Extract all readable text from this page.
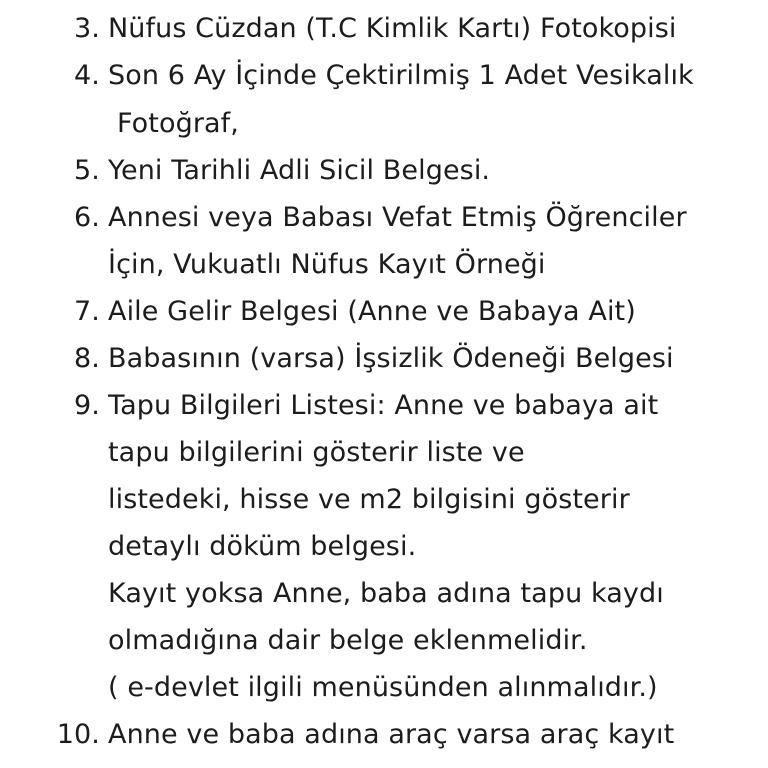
3. Nüfus Cüzdan (T.C Kimlik Kartı) Fotokopisi
4. Son 6 Ay İçinde Çektirilmiş 1 Adet Vesikalık
Fotoğraf,
5. Yeni Tarihli Adli Sicil Belgesi.
6. Annesi veya Babası Vefat Etmiş Öğrenciler
İçin, Vukuatlı Nüfus Kayıt Örneği
7. Aile Gelir Belgesi (Anne ve Babaya Ait)
8. Babasının (varsa) İşsizlik Ödeneği Belgesi
9. Tapu Bilgileri Listesi: Anne ve babaya ait
tapu bilgilerini gösterir liste ve
listedeki, hisse ve m2 bilgisini gösterir
detaylı döküm belgesi.
Kayıt yoksa Anne, baba adına tapu kaydı
olmadığına dair belge eklenmelidir.
( e-devlet ilgili menüsünden alınmalıdır.)
10. Anne ve baba adına araç varsa araç kayıt
